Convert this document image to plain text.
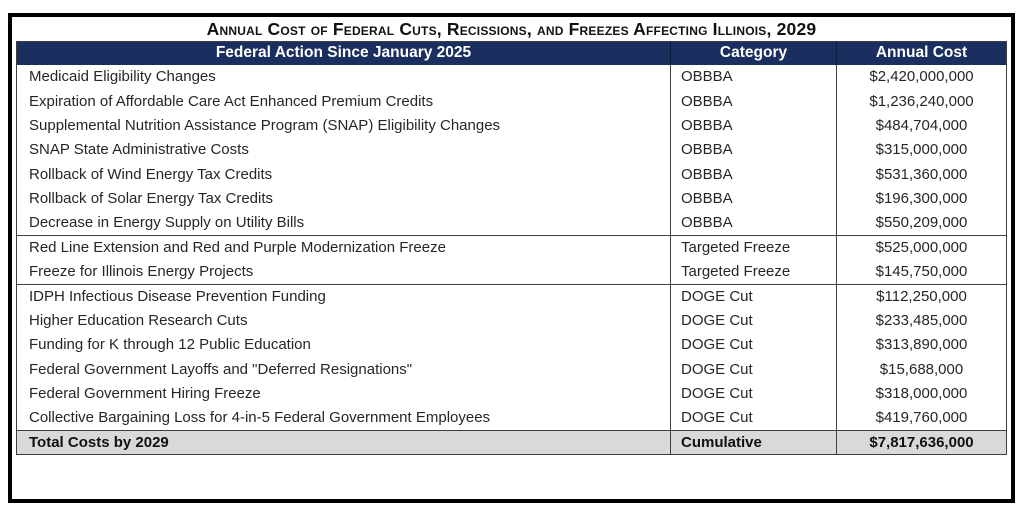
Annual Cost of Federal Cuts, Recissions, and Freezes Affecting Illinois, 2029
Federal Action Since January 2025	Category	Annual Cost
Medicaid Eligibility Changes	OBBBA	$2,420,000,000
Expiration of Affordable Care Act Enhanced Premium Credits	OBBBA	$1,236,240,000
Supplemental Nutrition Assistance Program (SNAP) Eligibility Changes	OBBBA	$484,704,000
SNAP State Administrative Costs	OBBBA	$315,000,000
Rollback of Wind Energy Tax Credits	OBBBA	$531,360,000
Rollback of Solar Energy Tax Credits	OBBBA	$196,300,000
Decrease in Energy Supply on Utility Bills	OBBBA	$550,209,000
Red Line Extension and Red and Purple Modernization Freeze	Targeted Freeze	$525,000,000
Freeze for Illinois Energy Projects	Targeted Freeze	$145,750,000
IDPH Infectious Disease Prevention Funding	DOGE Cut	$112,250,000
Higher Education Research Cuts	DOGE Cut	$233,485,000
Funding for K through 12 Public Education	DOGE Cut	$313,890,000
Federal Government Layoffs and "Deferred Resignations"	DOGE Cut	$15,688,000
Federal Government Hiring Freeze	DOGE Cut	$318,000,000
Collective Bargaining Loss for 4-in-5 Federal Government Employees	DOGE Cut	$419,760,000
Total Costs by 2029	Cumulative	$7,817,636,000
